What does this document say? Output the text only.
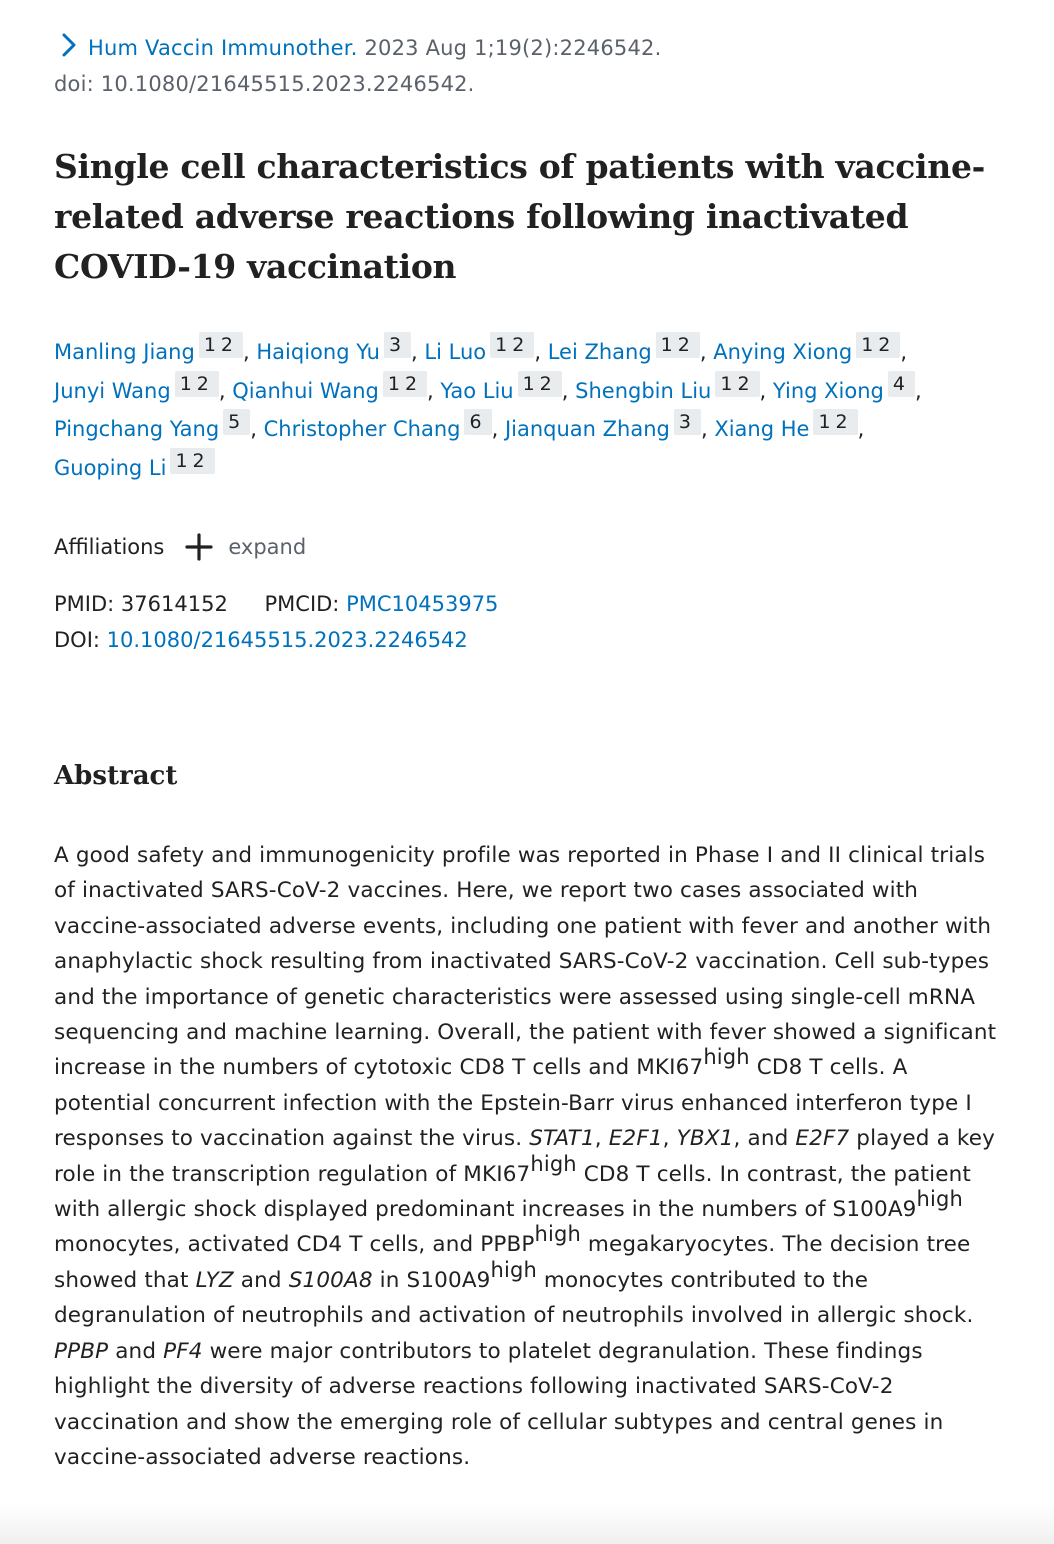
Hum Vaccin Immunother. 2023 Aug 1;19(2):2246542.
doi: 10.1080/21645515.2023.2246542.
Single cell characteristics of patients with vaccine-related adverse reactions following inactivated COVID-19 vaccination
Manling Jiang 12 , Haiqiong Yu 3 , Li Luo 12 , Lei Zhang 12 , Anying Xiong 12 , Junyi Wang 12 , Qianhui Wang 12 , Yao Liu 12 , Shengbin Liu 12 , Ying Xiong 4 , Pingchang Yang 5 , Christopher Chang 6 , Jianquan Zhang 3 , Xiang He 12 , Guoping Li 12
Affiliations	expand
PMID: 37614152 PMCID: PMC10453975
DOI: 10.1080/21645515.2023.2246542
Abstract

A good safety and immunogenicity profile was reported in Phase I and II clinical trials of inactivated SARS-CoV-2 vaccines. Here, we report two cases associated with vaccine-associated adverse events, including one patient with fever and another with anaphylactic shock resulting from inactivated SARS-CoV-2 vaccination. Cell sub-types and the importance of genetic characteristics were assessed using single-cell mRNA sequencing and machine learning. Overall, the patient with fever showed a significant increase in the numbers of cytotoxic CD8 T cells and $MKI67^{high}$ CD8 T cells. A potential concurrent infection with the Epstein-Barr virus enhanced interferon type I responses to vaccination against the virus. STAT1, E2F1, YBX1, and E2F7 played a key role in the transcription regulation of $MKI67^{high}$ CD8 T cells. In contrast, the patient with allergic shock displayed predominant increases in the numbers of $S100A9^{high}$ monocytes, activated CD4 T cells, and $PPBP^{high}$ megakaryocytes. The decision tree showed that LYZ and S100A8 in $S100A9^{high}$ monocytes contributed to the degranulation of neutrophils and activation of neutrophils involved in allergic shock. PPBP and PF4 were major contributors to platelet degranulation. These findings highlight the diversity of adverse reactions following inactivated SARS-CoV-2 vaccination and show the emerging role of cellular subtypes and central genes in vaccine-associated adverse reactions.
